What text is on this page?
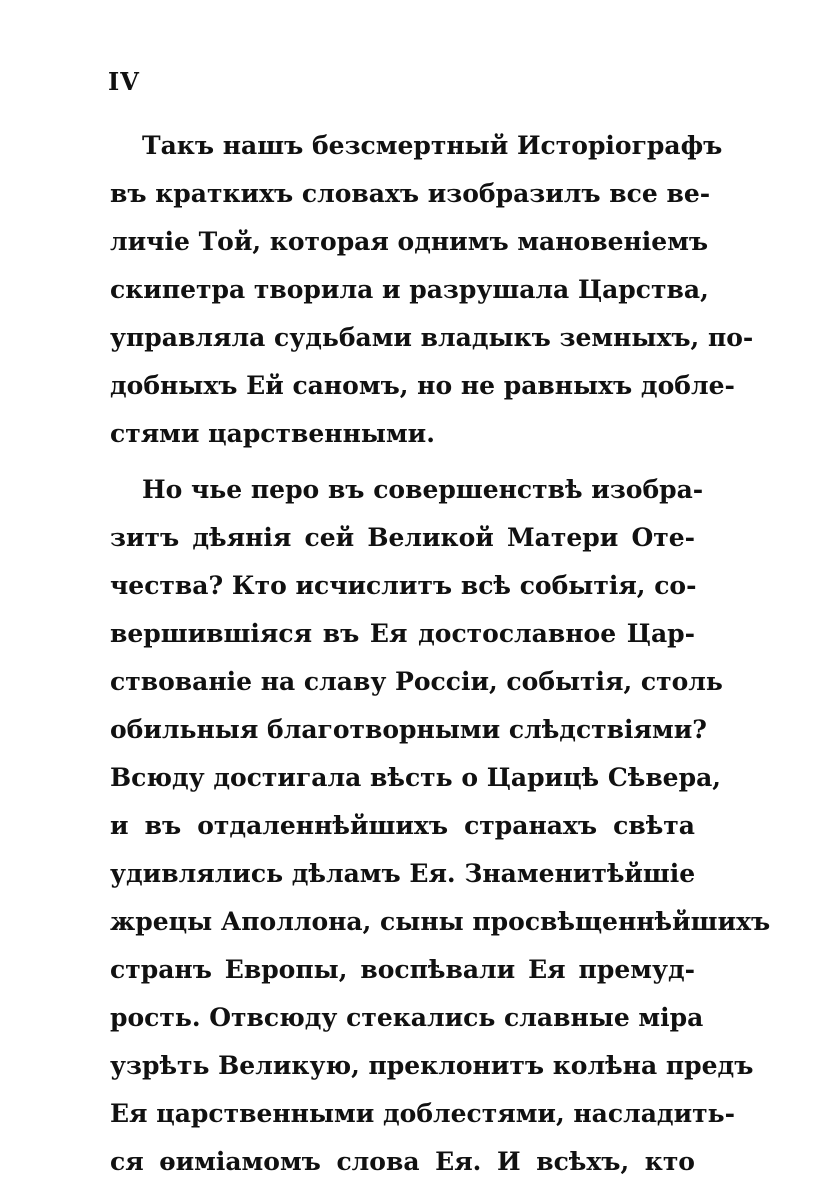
IV
Такъ нашъ безсмертный Исторіографъ
въ краткихъ словахъ изобразилъ все ве-
личіе Той, которая однимъ мановеніемъ
скипетра творила и разрушала Царства,
управляла судьбами владыкъ земныхъ, по-
добныхъ Ей саномъ, но не равныхъ добле-
стями царственными.
Но чье перо въ совершенствѣ изобра-
зитъ дѣянія сей Великой Матери Оте-
чества? Кто исчислитъ всѣ событія, со-
вершившіяся въ Ея достославное Цар-
ствованіе на славу Россіи, событія, столь
обильныя благотворными слѣдствіями?
Всюду достигала вѣсть о Царицѣ Сѣвера,
и въ отдаленнѣйшихъ странахъ свѣта
удивлялись дѣламъ Ея. Знаменитѣйшіе
жрецы Аполлона, сыны просвѣщеннѣйшихъ
странъ Европы, воспѣвали Ея премуд-
рость. Отвсюду стекались славные міра
узрѣть Великую, преклонитъ колѣна предъ
Ея царственными доблестями, насладить-
ся ѳиміамомъ слова Ея. И всѣхъ, кто
